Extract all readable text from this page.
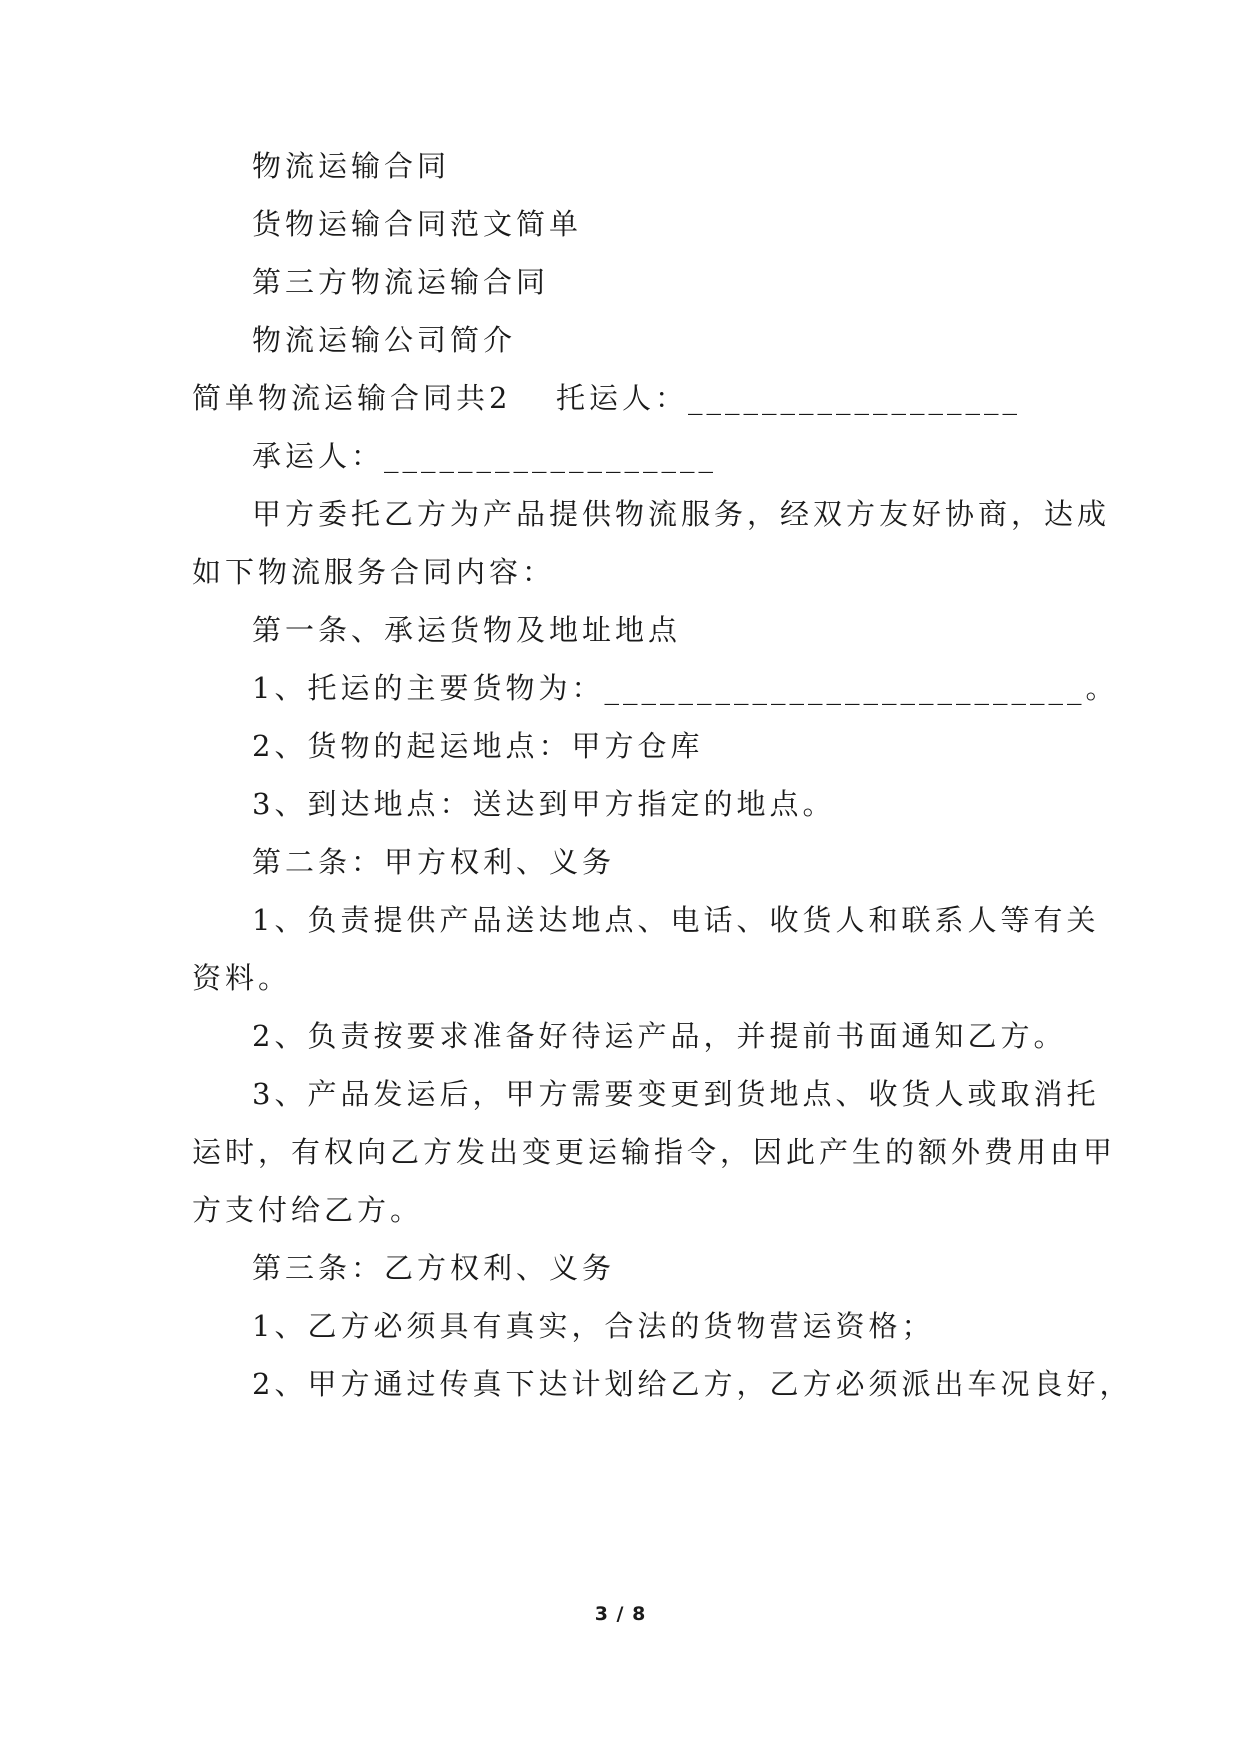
物流运输合同
货物运输合同范文简单
第三方物流运输合同
物流运输公司简介
简单物流运输合同共2 托运人：__________________
承运人：__________________
甲方委托乙方为产品提供物流服务，经双方友好协商，达成
如下物流服务合同内容：
第一条、承运货物及地址地点
1、托运的主要货物为：__________________________。
2、货物的起运地点：甲方仓库
3、到达地点：送达到甲方指定的地点。
第二条：甲方权利、义务
1、负责提供产品送达地点、电话、收货人和联系人等有关
资料。
2、负责按要求准备好待运产品，并提前书面通知乙方。
3、产品发运后，甲方需要变更到货地点、收货人或取消托
运时，有权向乙方发出变更运输指令，因此产生的额外费用由甲
方支付给乙方。
第三条：乙方权利、义务
1、乙方必须具有真实，合法的货物营运资格；
2、甲方通过传真下达计划给乙方，乙方必须派出车况良好，
3 / 8
